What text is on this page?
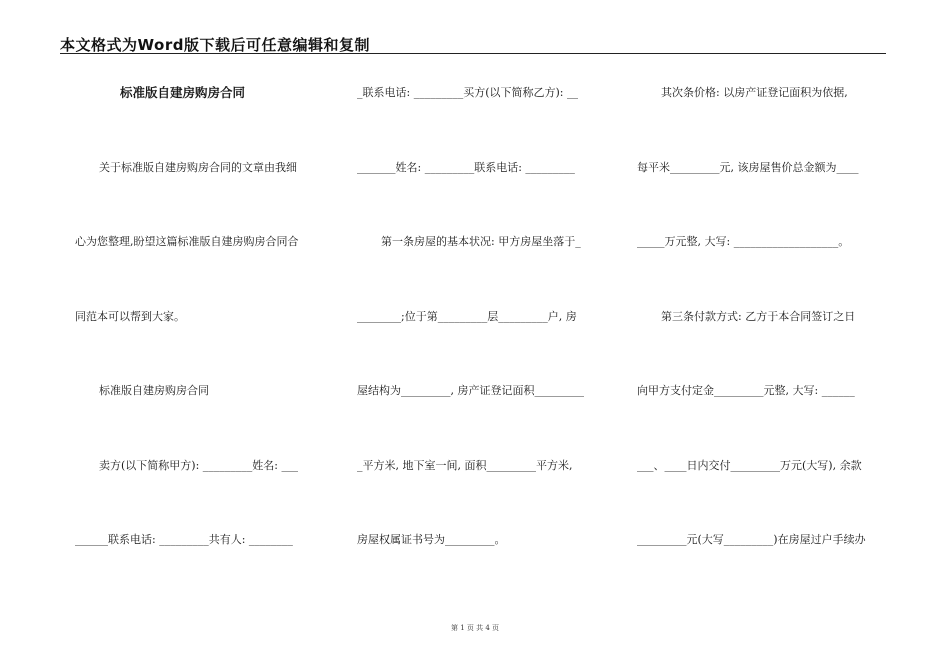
本文格式为Word版下载后可任意编辑和复制
标准版自建房购房合同
关于标准版自建房购房合同的文章由我细
心为您整理,盼望这篇标准版自建房购房合同合
同范本可以帮到大家。
标准版自建房购房合同
卖方(以下简称甲方): _________姓名: ___
______联系电话: _________共有人: ________
_联系电话: _________买方(以下简称乙方): __
_______姓名: _________联系电话: _________
第一条房屋的基本状况: 甲方房屋坐落于_
________;位于第_________层_________户, 房
屋结构为_________, 房产证登记面积_________
_平方米, 地下室一间, 面积_________平方米,
房屋权属证书号为_________。
其次条价格: 以房产证登记面积为依据,
每平米_________元, 该房屋售价总金额为____
_____万元整, 大写: ___________________。
第三条付款方式: 乙方于本合同签订之日
向甲方支付定金_________元整, 大写: ______
___、____日内交付_________万元(大写), 余款
_________元(大写_________)在房屋过户手续办
第 1 页 共 4 页
